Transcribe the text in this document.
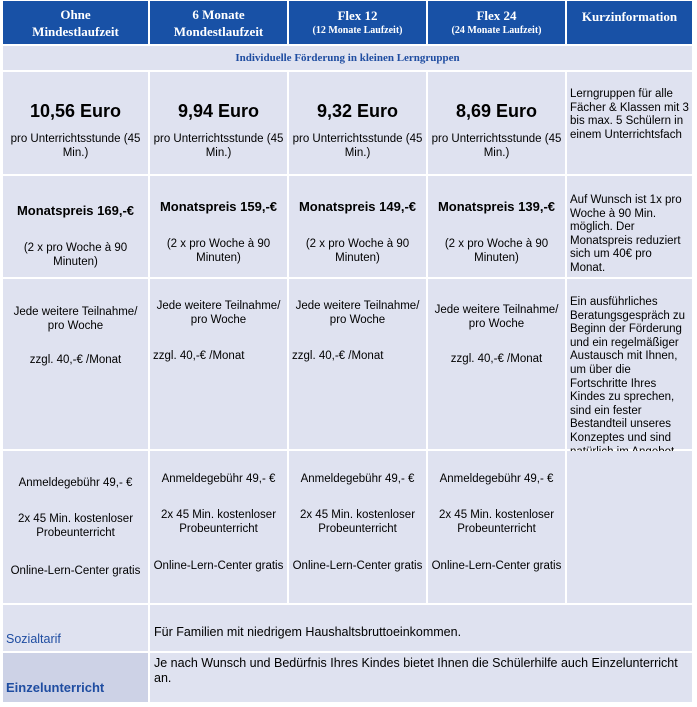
Ohne
Mindestlaufzeit
6 Monate
Mondestlaufzeit
Flex 12
(12 Monate Laufzeit)
Flex 24
(24 Monate Laufzeit)
Kurzinformation
Individuelle Förderung in kleinen Lerngruppen
10,56 Euro
pro Unterrichtsstunde (45 Min.)
9,94 Euro
pro Unterrichtsstunde (45 Min.)
9,32 Euro
pro Unterrichtsstunde (45 Min.)
8,69 Euro
pro Unterrichtsstunde (45 Min.)
Lerngruppen für alle Fächer & Klassen mit 3 bis max. 5 Schülern in einem Unterrichtsfach
Monatspreis 169,-€
(2 x pro Woche à 90 Minuten)
Monatspreis 159,-€
(2 x pro Woche à 90 Minuten)
Monatspreis 149,-€
(2 x pro Woche à 90 Minuten)
Monatspreis 139,-€
(2 x pro Woche à 90 Minuten)
Auf Wunsch ist 1x pro Woche à 90 Min. möglich. Der Monatspreis reduziert sich um 40€ pro Monat.
Jede weitere Teilnahme/ pro Woche
zzgl. 40,-€ /Monat
Jede weitere Teilnahme/ pro Woche
zzgl. 40,-€ /Monat
Jede weitere Teilnahme/ pro Woche
zzgl. 40,-€ /Monat
Jede weitere Teilnahme/ pro Woche
zzgl. 40,-€ /Monat
Ein ausführliches Beratungsgespräch zu Beginn der Förderung und ein regelmäßiger Austausch mit Ihnen, um über die Fortschritte Ihres Kindes zu sprechen, sind ein fester Bestandteil unseres Konzeptes und sind
Anmeldegebühr 49,- €
2x 45 Min. kostenloser Probeunterricht
Online-Lern-Center gratis
Anmeldegebühr 49,- €
2x 45 Min. kostenloser Probeunterricht
Online-Lern-Center gratis
Anmeldegebühr 49,- €
2x 45 Min. kostenloser Probeunterricht
Online-Lern-Center gratis
Anmeldegebühr 49,- €
2x 45 Min. kostenloser Probeunterricht
Online-Lern-Center gratis
Sozialtarif	Für Familien mit niedrigem Haushaltsbruttoeinkommen.
Einzelunterricht
Je nach Wunsch und Bedürfnis Ihres Kindes bietet Ihnen die Schülerhilfe auch Einzelunterricht an.
